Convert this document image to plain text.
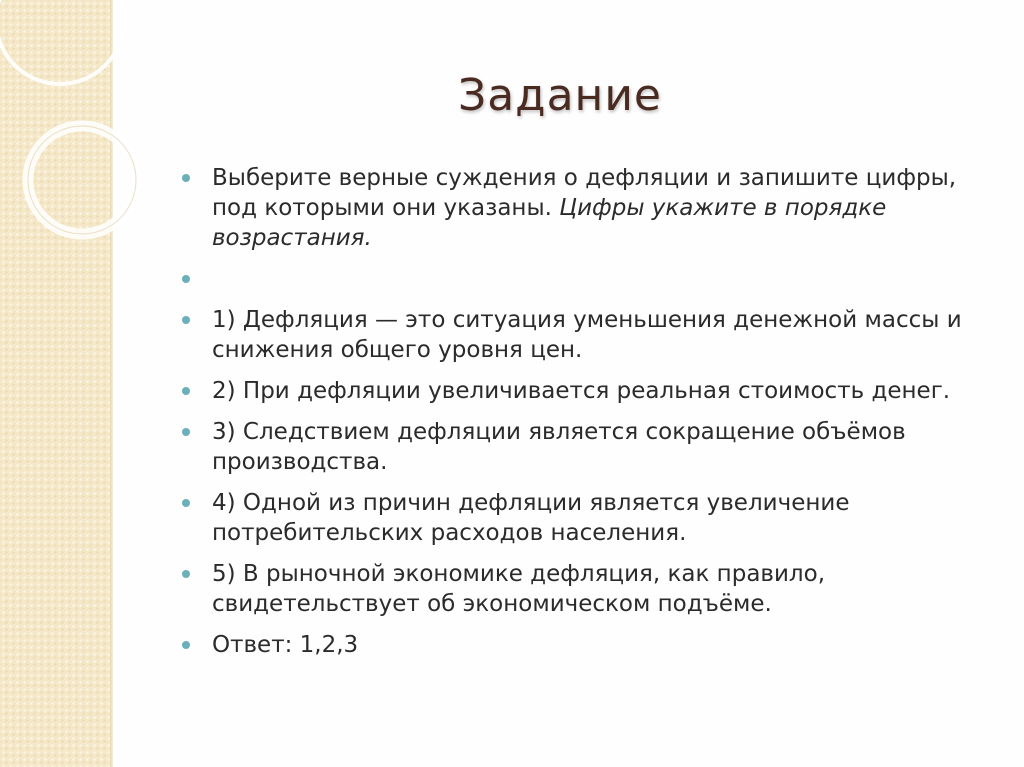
Задание
Выберите верные суждения о дефляции и запишите цифры, под которыми они указаны. Цифры укажите в порядке возрастания.
1) Дефляция — это ситуация уменьшения денежной массы и снижения общего уровня цен.
2) При дефляции увеличивается реальная стоимость денег.
3) Следствием дефляции является сокращение объёмов производства.
4) Одной из причин дефляции является увеличение потребительских расходов населения.
5) В рыночной экономике дефляция, как правило, свидетельствует об экономическом подъёме.
Ответ: 1,2,3
